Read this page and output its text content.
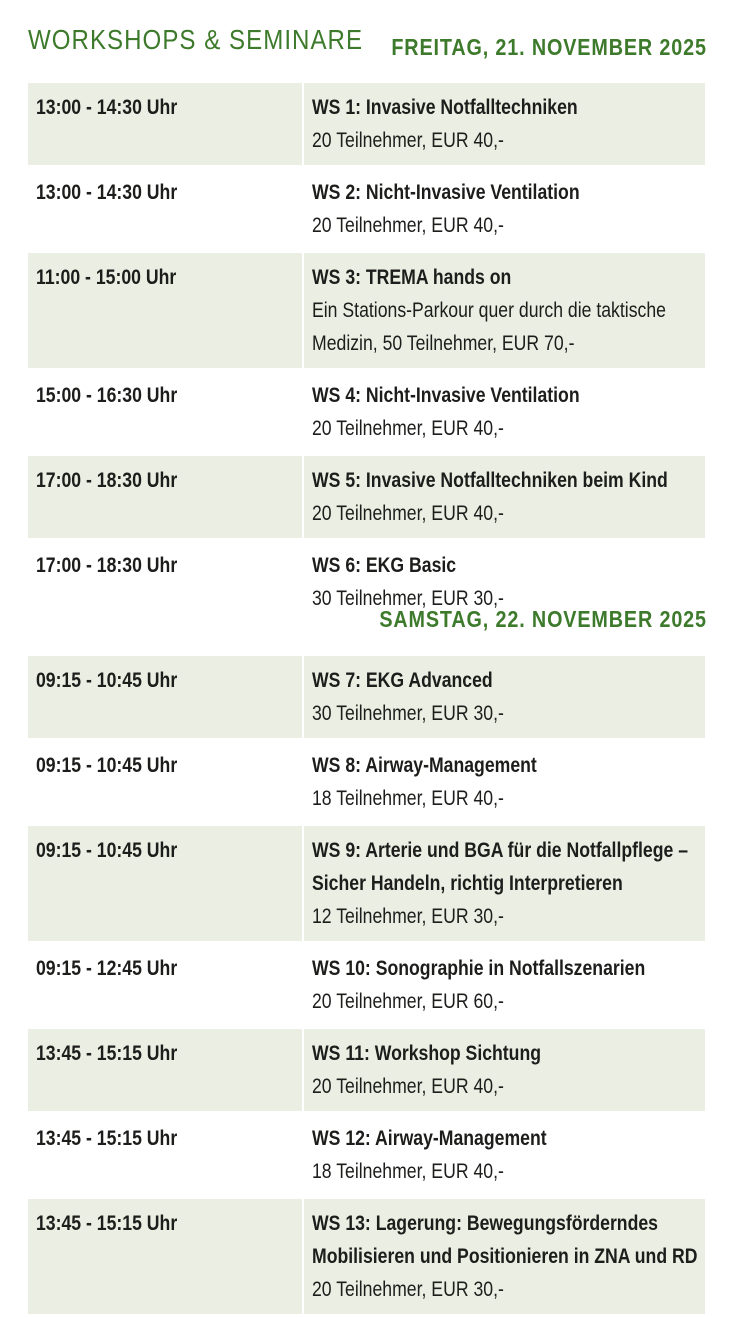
WORKSHOPS & SEMINARE FREITAG, 21. NOVEMBER 2025
13:00 - 14:30 Uhr	WS 1: Invasive Notfalltechniken
20 Teilnehmer, EUR 40,-
13:00 - 14:30 Uhr	WS 2: Nicht-Invasive Ventilation
20 Teilnehmer, EUR 40,-
11:00 - 15:00 Uhr	WS 3: TREMA hands on
Ein Stations-Parkour quer durch die taktische
Medizin, 50 Teilnehmer, EUR 70,-
15:00 - 16:30 Uhr	WS 4: Nicht-Invasive Ventilation
20 Teilnehmer, EUR 40,-
17:00 - 18:30 Uhr	WS 5: Invasive Notfalltechniken beim Kind
20 Teilnehmer, EUR 40,-
17:00 - 18:30 Uhr	WS 6: EKG Basic
30 Teilnehmer, EUR 30,-
SAMSTAG, 22. NOVEMBER 2025
09:15 - 10:45 Uhr	WS 7: EKG Advanced
30 Teilnehmer, EUR 30,-
09:15 - 10:45 Uhr	WS 8: Airway-Management
18 Teilnehmer, EUR 40,-
09:15 - 10:45 Uhr	WS 9: Arterie und BGA für die Notfallpflege –
Sicher Handeln, richtig Interpretieren
12 Teilnehmer, EUR 30,-
09:15 - 12:45 Uhr	WS 10: Sonographie in Notfallszenarien
20 Teilnehmer, EUR 60,-
13:45 - 15:15 Uhr	WS 11: Workshop Sichtung
20 Teilnehmer, EUR 40,-
13:45 - 15:15 Uhr	WS 12: Airway-Management
18 Teilnehmer, EUR 40,-
13:45 - 15:15 Uhr	WS 13: Lagerung: Bewegungsförderndes
Mobilisieren und Positionieren in ZNA und RD
20 Teilnehmer, EUR 30,-
